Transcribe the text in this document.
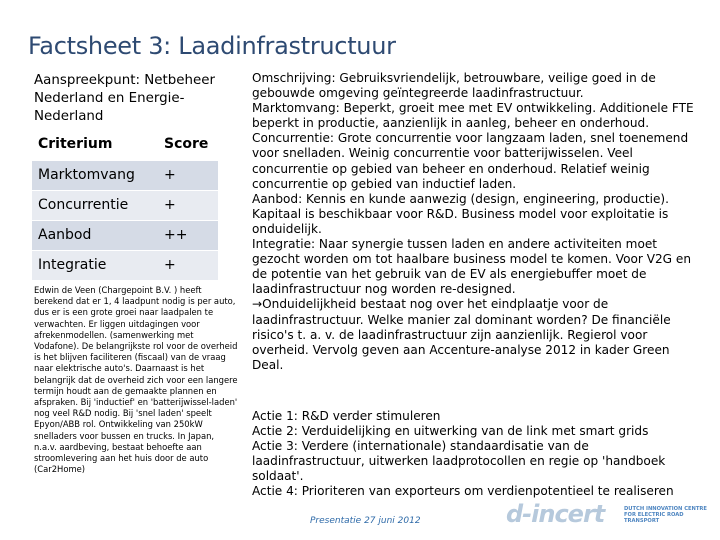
Factsheet 3: Laadinfrastructuur
Aanspreekpunt: Netbeheer
Nederland en Energie-
Nederland
Criterium	Score
Marktomvang	+
Concurrentie	+
Aanbod	++
Integratie	+
Edwin de Veen (Chargepoint B.V. ) heeft berekend dat er 1, 4 laadpunt nodig is per auto, dus er is een grote groei naar laadpalen te verwachten. Er liggen uitdagingen voor afrekenmodellen. (samenwerking met Vodafone). De belangrijkste rol voor de overheid is het blijven faciliteren (fiscaal) van de vraag naar elektrische auto's. Daarnaast is het belangrijk dat de overheid zich voor een langere termijn houdt aan de gemaakte plannen en afspraken. Bij 'inductief' en 'batterijwissel-laden' nog veel R&D nodig. Bij 'snel laden' speelt Epyon/ABB rol. Ontwikkeling van 250kW snelladers voor bussen en trucks. In Japan, n.a.v. aardbeving, bestaat behoefte aan stroomlevering aan het huis door de auto (Car2Home)

Omschrijving: Gebruiksvriendelijk, betrouwbare, veilige goed in de gebouwde omgeving geïntegreerde laadinfrastructuur.

Marktomvang: Beperkt, groeit mee met EV ontwikkeling. Additionele FTE beperkt in productie, aanzienlijk in aanleg, beheer en onderhoud.

Concurrentie: Grote concurrentie voor langzaam laden, snel toenemend voor snelladen. Weinig concurrentie voor batterijwisselen. Veel concurrentie op gebied van beheer en onderhoud. Relatief weinig concurrentie op gebied van inductief laden.

Aanbod: Kennis en kunde aanwezig (design, engineering, productie). Kapitaal is beschikbaar voor R&D. Business model voor exploitatie is onduidelijk.

Integratie: Naar synergie tussen laden en andere activiteiten moet gezocht worden om tot haalbare business model te komen. Voor V2G en de potentie van het gebruik van de EV als energiebuffer moet de laadinfrastructuur nog worden re-designed.

→Onduidelijkheid bestaat nog over het eindplaatje voor de laadinfrastructuur. Welke manier zal dominant worden? De financiële risico's t. a. v. de laadinfrastructuur zijn aanzienlijk. Regierol voor overheid. Vervolg geven aan Accenture-analyse 2012 in kader Green Deal.

Actie 1: R&D verder stimuleren

Actie 2: Verduidelijking en uitwerking van de link met smart grids

Actie 3: Verdere (internationale) standaardisatie van de laadinfrastructuur, uitwerken laadprotocollen en regie op 'handboek soldaat'.

Actie 4: Prioriteren van exporteurs om verdienpotentieel te realiseren

Presentatie 27 juni 2012	d-incert	DUTCH INNOVATION CENTRE FOR ELECTRIC ROAD TRANSPORT
